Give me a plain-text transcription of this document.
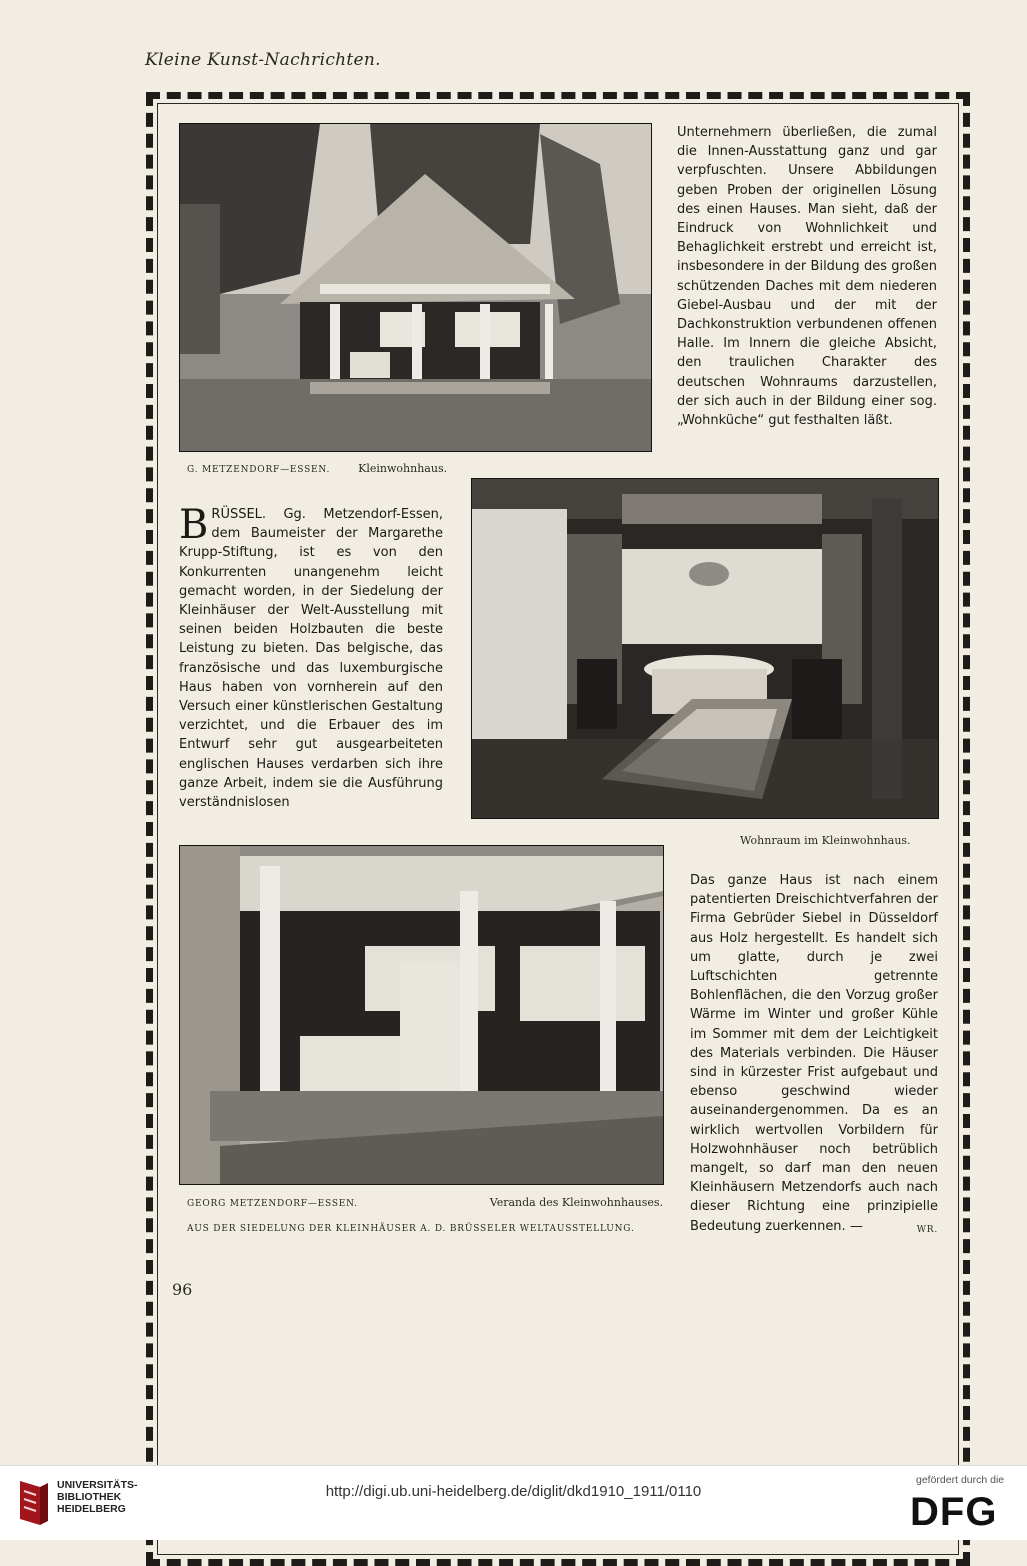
Kleine Kunst-Nachrichten.
G. METZENDORF—ESSEN.	Kleinwohnhaus.

Unternehmern überließen, die zumal die Innen-Ausstattung ganz und gar verpfuschten. Unsere Abbildungen geben Proben der originellen Lösung des einen Hauses. Man sieht, daß der Eindruck von Wohnlichkeit und Behaglichkeit erstrebt und erreicht ist, insbesondere in der Bildung des großen schützenden Daches mit dem niederen Giebel-Ausbau und der mit der Dachkonstruktion verbundenen offenen Halle. Im Innern die gleiche Absicht, den traulichen Charakter des deutschen Wohnraums darzustellen, der sich auch in der Bildung einer sog. „Wohnküche“ gut festhalten läßt.

BRÜSSEL. Gg. Metzendorf-Essen, dem Baumeister der Margarethe Krupp-Stiftung, ist es von den Konkurrenten unangenehm leicht gemacht worden, in der Siedelung der Kleinhäuser der Welt-Ausstellung mit seinen beiden Holzbauten die beste Leistung zu bieten. Das belgische, das französische und das luxemburgische Haus haben von vornherein auf den Versuch einer künstlerischen Gestaltung verzichtet, und die Erbauer des im Entwurf sehr gut ausgearbeiteten englischen Hauses verdarben sich ihre ganze Arbeit, indem sie die Ausführung verständnislosen
Wohnraum im Kleinwohnhaus.
GEORG METZENDORF—ESSEN.	Veranda des Kleinwohnhauses.
AUS DER SIEDELUNG DER KLEINHÄUSER A. D. BRÜSSELER WELTAUSSTELLUNG.

Das ganze Haus ist nach einem patentierten Dreischichtverfahren der Firma Gebrüder Siebel in Düsseldorf aus Holz hergestellt. Es handelt sich um glatte, durch je zwei Luftschichten getrennte Bohlenflächen, die den Vorzug großer Wärme im Winter und großer Kühle im Sommer mit dem der Leichtigkeit des Materials verbinden. Die Häuser sind in kürzester Frist aufgebaut und ebenso geschwind wieder auseinandergenommen. Da es an wirklich wertvollen Vorbildern für Holzwohnhäuser noch betrüblich mangelt, so darf man den neuen Kleinhäusern Metzendorfs auch nach dieser Richtung eine prinzipielle Bedeutung zuerkennen. —	WR.

96
UNIVERSITÄTS-
BIBLIOTHEK
HEIDELBERG
http://digi.ub.uni-heidelberg.de/diglit/dkd1910_1911/0110
gefördert durch die
DFG
